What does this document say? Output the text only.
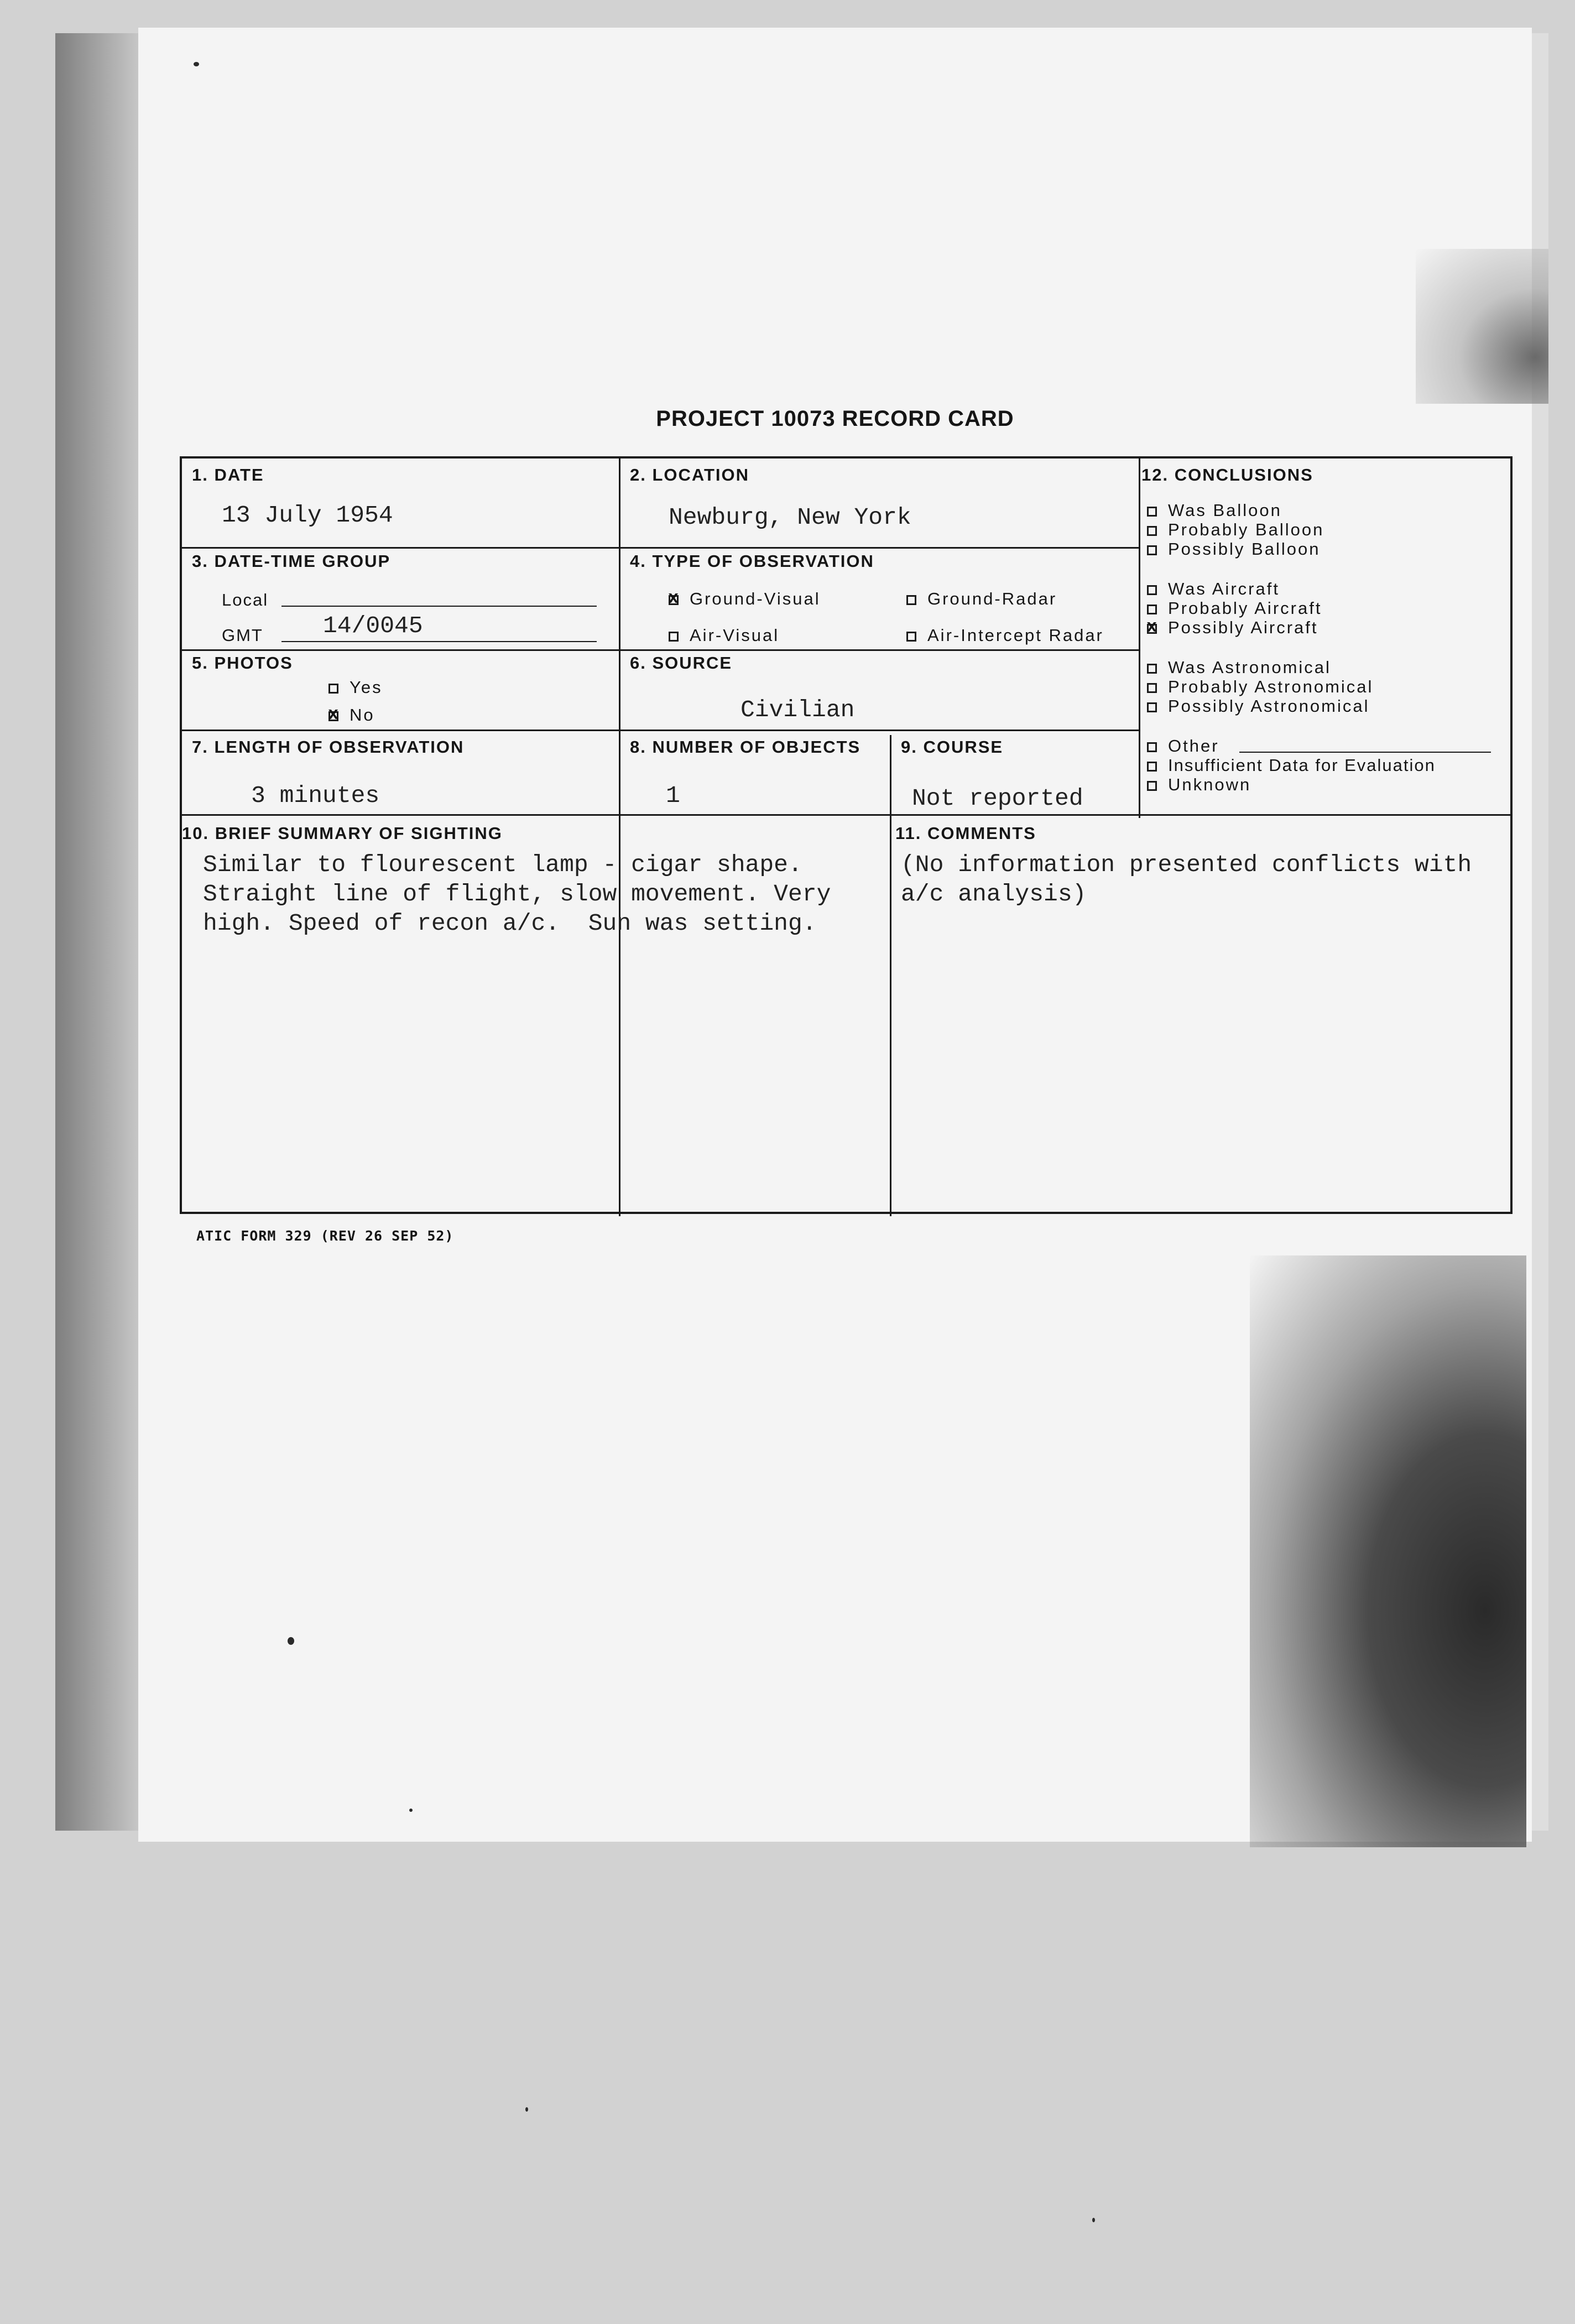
PROJECT 10073 RECORD CARD
1. DATE
13 July 1954
2. LOCATION
Newburg, New York
3. DATE-TIME GROUP
Local
GMT	14/0045
4. TYPE OF OBSERVATION
xGround-Visual	Ground-Radar
Air-Visual	Air-Intercept Radar
5. PHOTOS
Yes
xNo
6. SOURCE
Civilian
7. LENGTH OF OBSERVATION
3 minutes
8. NUMBER OF OBJECTS
1
9. COURSE
Not reported
10. BRIEF SUMMARY OF SIGHTING
Similar to flourescent lamp - cigar shape.
Straight line of flight, slow movement. Very
high. Speed of recon a/c.  Sun was setting.
11. COMMENTS
(No information presented conflicts with
a/c analysis)
12. CONCLUSIONS
Was Balloon
Probably Balloon
Possibly Balloon
Was Aircraft
Probably Aircraft
xPossibly Aircraft
Was Astronomical
Probably Astronomical
Possibly Astronomical
Other
Insufficient Data for Evaluation
Unknown
ATIC FORM 329 (REV 26 SEP 52)
